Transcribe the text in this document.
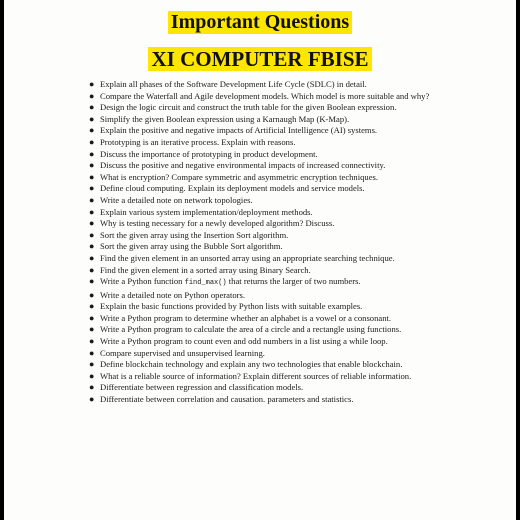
Important Questions
XI COMPUTER FBISE
● Explain all phases of the Software Development Life Cycle (SDLC) in detail.
● Compare the Waterfall and Agile development models. Which model is more suitable and why?
● Design the logic circuit and construct the truth table for the given Boolean expression.
● Simplify the given Boolean expression using a Karnaugh Map (K-Map).
● Explain the positive and negative impacts of Artificial Intelligence (AI) systems.
● Prototyping is an iterative process. Explain with reasons.
● Discuss the importance of prototyping in product development.
● Discuss the positive and negative environmental impacts of increased connectivity.
● What is encryption? Compare symmetric and asymmetric encryption techniques.
● Define cloud computing. Explain its deployment models and service models.
● Write a detailed note on network topologies.
● Explain various system implementation/deployment methods.
● Why is testing necessary for a newly developed algorithm? Discuss.
● Sort the given array using the Insertion Sort algorithm.
● Sort the given array using the Bubble Sort algorithm.
● Find the given element in an unsorted array using an appropriate searching technique.
● Find the given element in a sorted array using Binary Search.
● Write a Python function find_max() that returns the larger of two numbers.
● Write a detailed note on Python operators.
● Explain the basic functions provided by Python lists with suitable examples.
● Write a Python program to determine whether an alphabet is a vowel or a consonant.
● Write a Python program to calculate the area of a circle and a rectangle using functions.
● Write a Python program to count even and odd numbers in a list using a while loop.
● Compare supervised and unsupervised learning.
● Define blockchain technology and explain any two technologies that enable blockchain.
● What is a reliable source of information? Explain different sources of reliable information.
● Differentiate between regression and classification models.
● Differentiate between correlation and causation. parameters and statistics.
